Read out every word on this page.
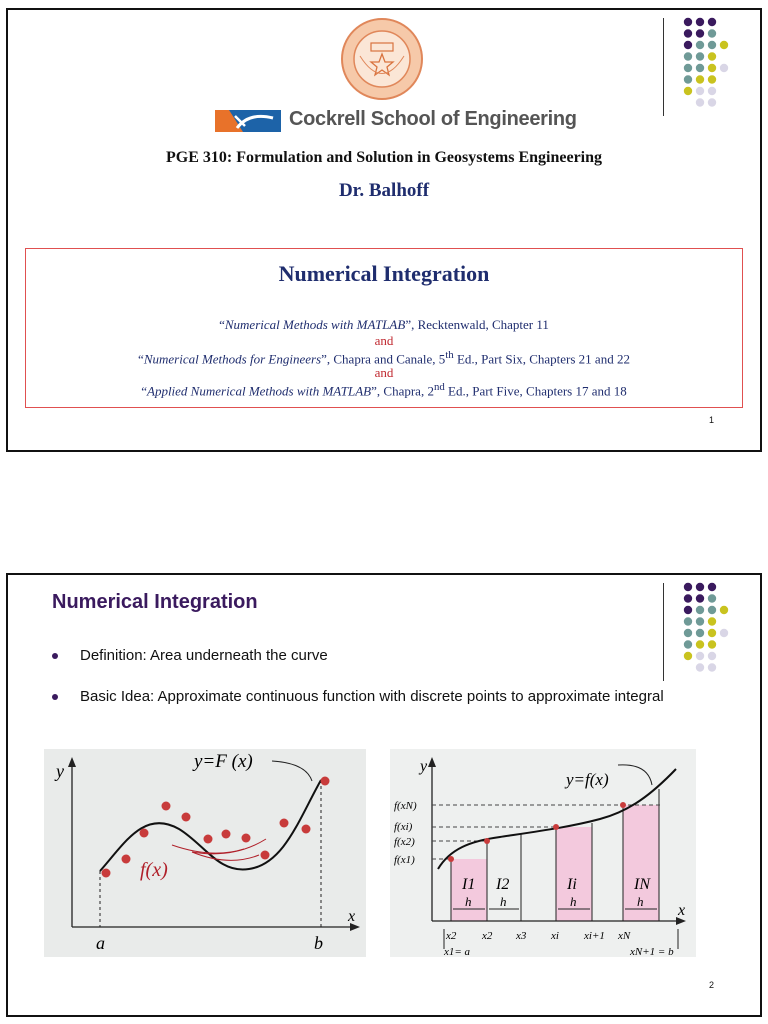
Cockrell School of Engineering
PGE 310: Formulation and Solution in Geosystems Engineering
Dr. Balhoff
Numerical Integration
“Numerical Methods with MATLAB”, Recktenwald, Chapter 11
and
“Numerical Methods for Engineers”, Chapra and Canale, 5th Ed., Part Six, Chapters 21 and 22
and
“Applied Numerical Methods with MATLAB”, Chapra, 2nd Ed., Part Five, Chapters 17 and 18
1
Numerical Integration
Definition: Area underneath the curve
Basic Idea: Approximate continuous function with discrete points to approximate integral
y
x
y=F (x)
f(x)
a	b
y
x
y=f(x)
f(xN)
f(xi)
f(x2)
f(x1)
I1 I2	Ii	IN
h h	h	h
x2 x2 x3 xi xi+1 xN
x1= a	xN+1 = b
2
